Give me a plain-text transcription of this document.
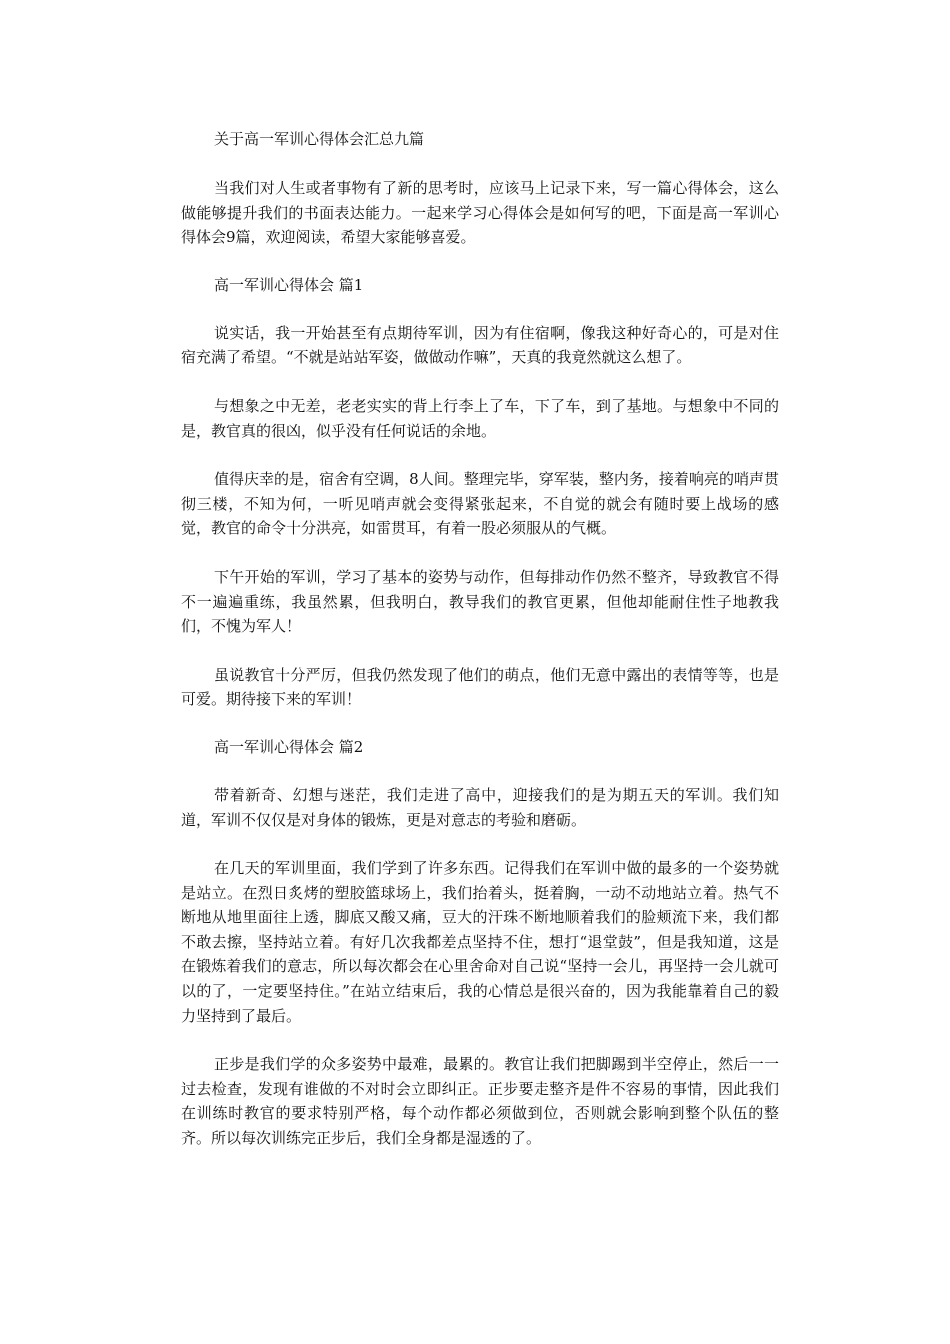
关于高一军训心得体会汇总九篇

当我们对人生或者事物有了新的思考时，应该马上记录下来，写一篇心得体会，这么做能够提升我们的书面表达能力。一起来学习心得体会是如何写的吧，下面是高一军训心得体会9篇，欢迎阅读，希望大家能够喜爱。

高一军训心得体会 篇1

说实话，我一开始甚至有点期待军训，因为有住宿啊，像我这种好奇心的，可是对住宿充满了希望。“不就是站站军姿，做做动作嘛”，天真的我竟然就这么想了。

与想象之中无差，老老实实的背上行李上了车，下了车，到了基地。与想象中不同的是，教官真的很凶，似乎没有任何说话的余地。

值得庆幸的是，宿舍有空调，8人间。整理完毕，穿军装，整内务，接着响亮的哨声贯彻三楼，不知为何，一听见哨声就会变得紧张起来，不自觉的就会有随时要上战场的感觉，教官的命令十分洪亮，如雷贯耳，有着一股必须服从的气概。

下午开始的军训，学习了基本的姿势与动作，但每排动作仍然不整齐，导致教官不得不一遍遍重练，我虽然累，但我明白，教导我们的教官更累，但他却能耐住性子地教我们，不愧为军人！

虽说教官十分严厉，但我仍然发现了他们的萌点，他们无意中露出的表情等等，也是可爱。期待接下来的军训！

高一军训心得体会 篇2

带着新奇、幻想与迷茫，我们走进了高中，迎接我们的是为期五天的军训。我们知道，军训不仅仅是对身体的锻炼，更是对意志的考验和磨砺。

在几天的军训里面，我们学到了许多东西。记得我们在军训中做的最多的一个姿势就是站立。在烈日炙烤的塑胶篮球场上，我们抬着头，挺着胸，一动不动地站立着。热气不断地从地里面往上透，脚底又酸又痛，豆大的汗珠不断地顺着我们的脸颊流下来，我们都不敢去擦，坚持站立着。有好几次我都差点坚持不住，想打“退堂鼓”，但是我知道，这是在锻炼着我们的意志，所以每次都会在心里舍命对自己说“坚持一会儿，再坚持一会儿就可以的了，一定要坚持住。”在站立结束后，我的心情总是很兴奋的，因为我能靠着自己的毅力坚持到了最后。

正步是我们学的众多姿势中最难，最累的。教官让我们把脚踢到半空停止，然后一一过去检查，发现有谁做的不对时会立即纠正。正步要走整齐是件不容易的事情，因此我们在训练时教官的要求特别严格，每个动作都必须做到位，否则就会影响到整个队伍的整齐。所以每次训练完正步后，我们全身都是湿透的了。
